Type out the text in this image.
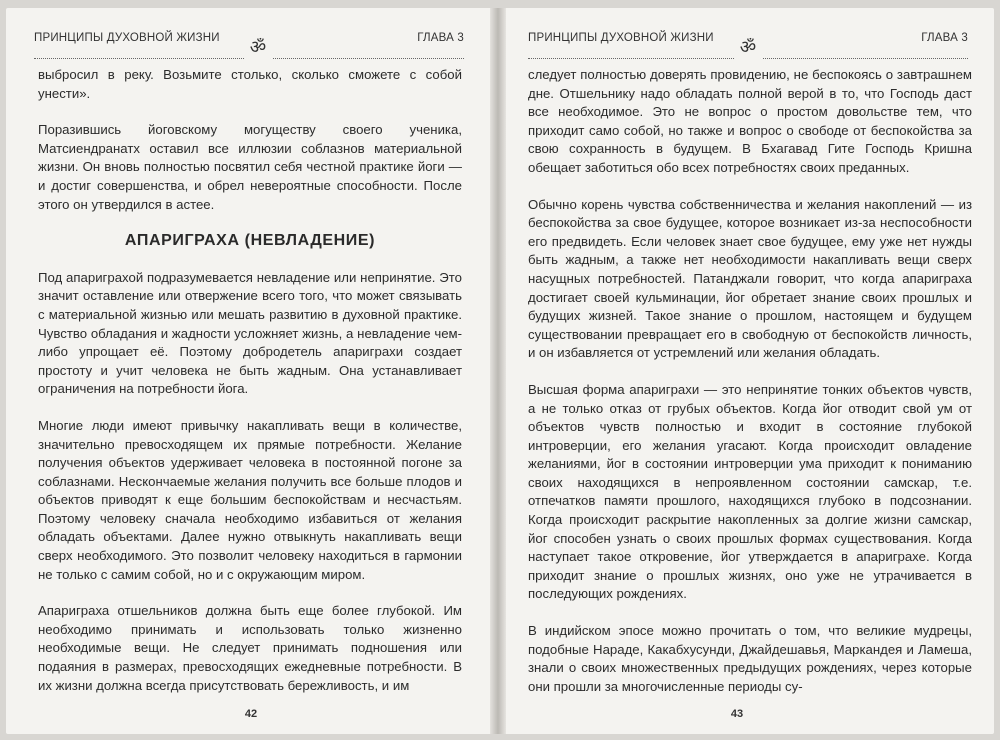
ПРИНЦИПЫ ДУХОВНОЙ ЖИЗНИ	ГЛАВА 3
ॐ

выбросил в реку. Возьмите столько, сколько сможете с собой унести».

Поразившись йоговскому могуществу своего ученика, Матсиендранатх оставил все иллюзии соблазнов материальной жизни. Он вновь полностью посвятил себя честной практике йоги — и достиг совершенства, и обрел невероятные способности. После этого он утвердился в астее.

АПАРИГРАХА (НЕВЛАДЕНИЕ)

Под апариграхой подразумевается невладение или непринятие. Это значит оставление или отвержение всего того, что может связывать с материальной жизнью или мешать развитию в духовной практике. Чувство обладания и жадности усложняет жизнь, а невладение чем-либо упрощает её. Поэтому добродетель апариграхи создает простоту и учит человека не быть жадным. Она устанавливает ограничения на потребности йога.

Многие люди имеют привычку накапливать вещи в количестве, значительно превосходящем их прямые потребности. Желание получения объектов удерживает человека в постоянной погоне за соблазнами. Нескончаемые желания получить все больше плодов и объектов приводят к еще большим беспокойствам и несчастьям. Поэтому человеку сначала необходимо избавиться от желания обладать объектами. Далее нужно отвыкнуть накапливать вещи сверх необходимого. Это позволит человеку находиться в гармонии не только с самим собой, но и с окружающим миром.

Апариграха отшельников должна быть еще более глубокой. Им необходимо принимать и использовать только жизненно необходимые вещи. Не следует принимать подношения или подаяния в размерах, превосходящих ежедневные потребности. В их жизни должна всегда присутствовать бережливость, и им

42
ПРИНЦИПЫ ДУХОВНОЙ ЖИЗНИ	ГЛАВА 3
ॐ

следует полностью доверять провидению, не беспокоясь о завтрашнем дне. Отшельнику надо обладать полной верой в то, что Господь даст все необходимое. Это не вопрос о простом довольстве тем, что приходит само собой, но также и вопрос о свободе от беспокойства за свою сохранность в будущем. В Бхагавад Гите Господь Кришна обещает заботиться обо всех потребностях своих преданных.

Обычно корень чувства собственничества и желания накоплений — из беспокойства за свое будущее, которое возникает из-за неспособности его предвидеть. Если человек знает свое будущее, ему уже нет нужды быть жадным, а также нет необходимости накапливать вещи сверх насущных потребностей. Патанджали говорит, что когда апариграха достигает своей кульминации, йог обретает знание своих прошлых и будущих жизней. Такое знание о прошлом, настоящем и будущем существовании превращает его в свободную от беспокойств личность, и он избавляется от устремлений или желания обладать.

Высшая форма апариграхи — это непринятие тонких объектов чувств, а не только отказ от грубых объектов. Когда йог отводит свой ум от объектов чувств полностью и входит в состояние глубокой интроверции, его желания угасают. Когда происходит овладение желаниями, йог в состоянии интроверции ума приходит к пониманию своих находящихся в непроявленном состоянии самскар, т.е. отпечатков памяти прошлого, находящихся глубоко в подсознании. Когда происходит раскрытие накопленных за долгие жизни самскар, йог способен узнать о своих прошлых формах существования. Когда наступает такое откровение, йог утверждается в апариграхе. Когда приходит знание о прошлых жизнях, оно уже не утрачивается в последующих рождениях.

В индийском эпосе можно прочитать о том, что великие мудрецы, подобные Нараде, Какабхусунди, Джайдешавья, Маркандея и Ламеша, знали о своих множественных предыдущих рождениях, через которые они прошли за многочисленные периоды су-

43
